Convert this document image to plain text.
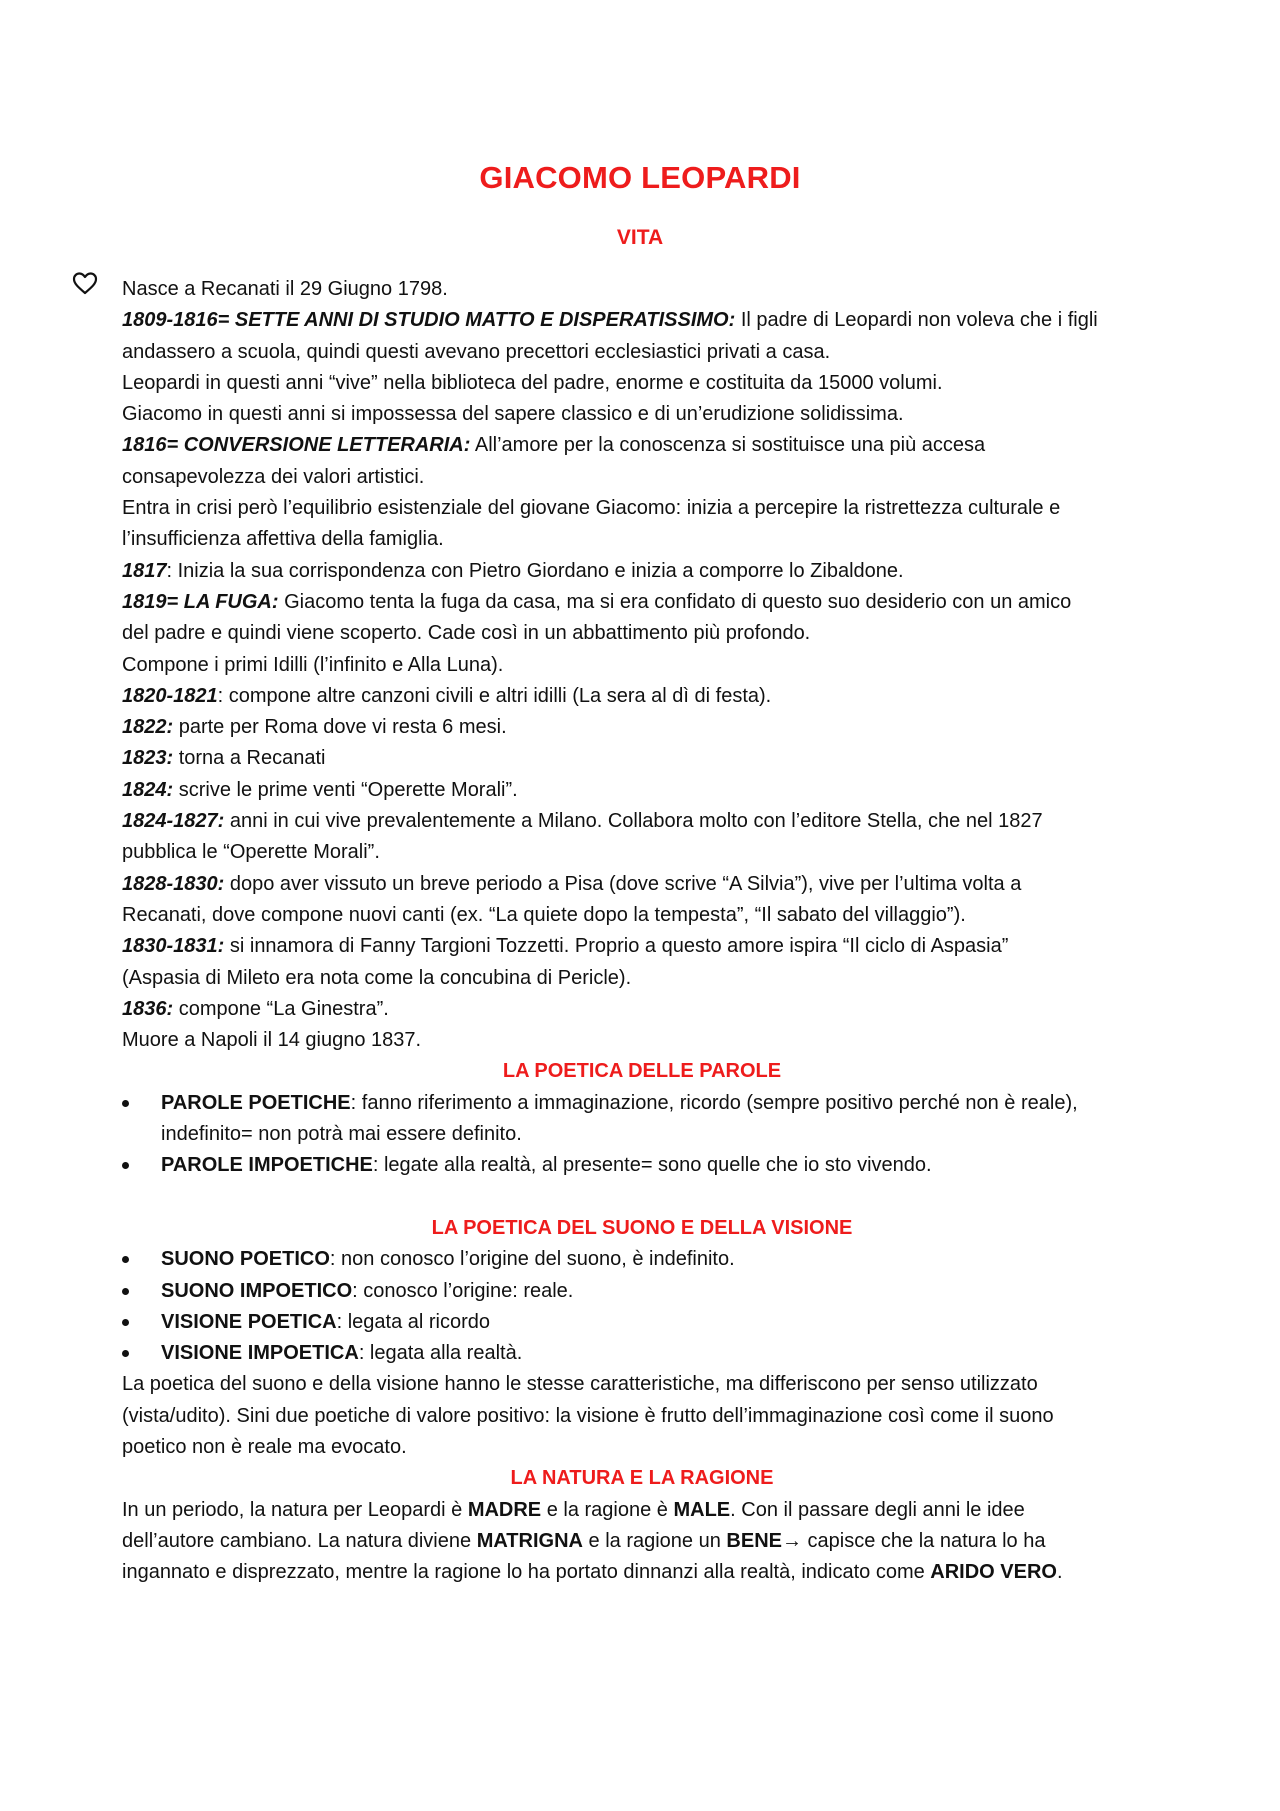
GIACOMO LEOPARDI
VITA
Nasce a Recanati il 29 Giugno 1798.
1809-1816= SETTE ANNI DI STUDIO MATTO E DISPERATISSIMO: Il padre di Leopardi non voleva che i figli
andassero a scuola, quindi questi avevano precettori ecclesiastici privati a casa.
Leopardi in questi anni “vive” nella biblioteca del padre, enorme e costituita da 15000 volumi.
Giacomo in questi anni si impossessa del sapere classico e di un’erudizione solidissima.
1816= CONVERSIONE LETTERARIA: All’amore per la conoscenza si sostituisce una più accesa
consapevolezza dei valori artistici.
Entra in crisi però l’equilibrio esistenziale del giovane Giacomo: inizia a percepire la ristrettezza culturale e
l’insufficienza affettiva della famiglia.
1817: Inizia la sua corrispondenza con Pietro Giordano e inizia a comporre lo Zibaldone.
1819= LA FUGA: Giacomo tenta la fuga da casa, ma si era confidato di questo suo desiderio con un amico
del padre e quindi viene scoperto. Cade così in un abbattimento più profondo.
Compone i primi Idilli (l’infinito e Alla Luna).
1820-1821: compone altre canzoni civili e altri idilli (La sera al dì di festa).
1822: parte per Roma dove vi resta 6 mesi.
1823: torna a Recanati
1824: scrive le prime venti “Operette Morali”.
1824-1827: anni in cui vive prevalentemente a Milano. Collabora molto con l’editore Stella, che nel 1827
pubblica le “Operette Morali”.
1828-1830: dopo aver vissuto un breve periodo a Pisa (dove scrive “A Silvia”), vive per l’ultima volta a
Recanati, dove compone nuovi canti (ex. “La quiete dopo la tempesta”, “Il sabato del villaggio”).
1830-1831: si innamora di Fanny Targioni Tozzetti. Proprio a questo amore ispira “Il ciclo di Aspasia”
(Aspasia di Mileto era nota come la concubina di Pericle).
1836: compone “La Ginestra”.
Muore a Napoli il 14 giugno 1837.
LA POETICA DELLE PAROLE
PAROLE POETICHE: fanno riferimento a immaginazione, ricordo (sempre positivo perché non è reale),
indefinito= non potrà mai essere definito.
PAROLE IMPOETICHE: legate alla realtà, al presente= sono quelle che io sto vivendo.
LA POETICA DEL SUONO E DELLA VISIONE
SUONO POETICO: non conosco l’origine del suono, è indefinito.
SUONO IMPOETICO: conosco l’origine: reale.
VISIONE POETICA: legata al ricordo
VISIONE IMPOETICA: legata alla realtà.
La poetica del suono e della visione hanno le stesse caratteristiche, ma differiscono per senso utilizzato
(vista/udito). Sini due poetiche di valore positivo: la visione è frutto dell’immaginazione così come il suono
poetico non è reale ma evocato.
LA NATURA E LA RAGIONE
In un periodo, la natura per Leopardi è MADRE e la ragione è MALE. Con il passare degli anni le idee
dell’autore cambiano. La natura diviene MATRIGNA e la ragione un BENE→ capisce che la natura lo ha
ingannato e disprezzato, mentre la ragione lo ha portato dinnanzi alla realtà, indicato come ARIDO VERO.
